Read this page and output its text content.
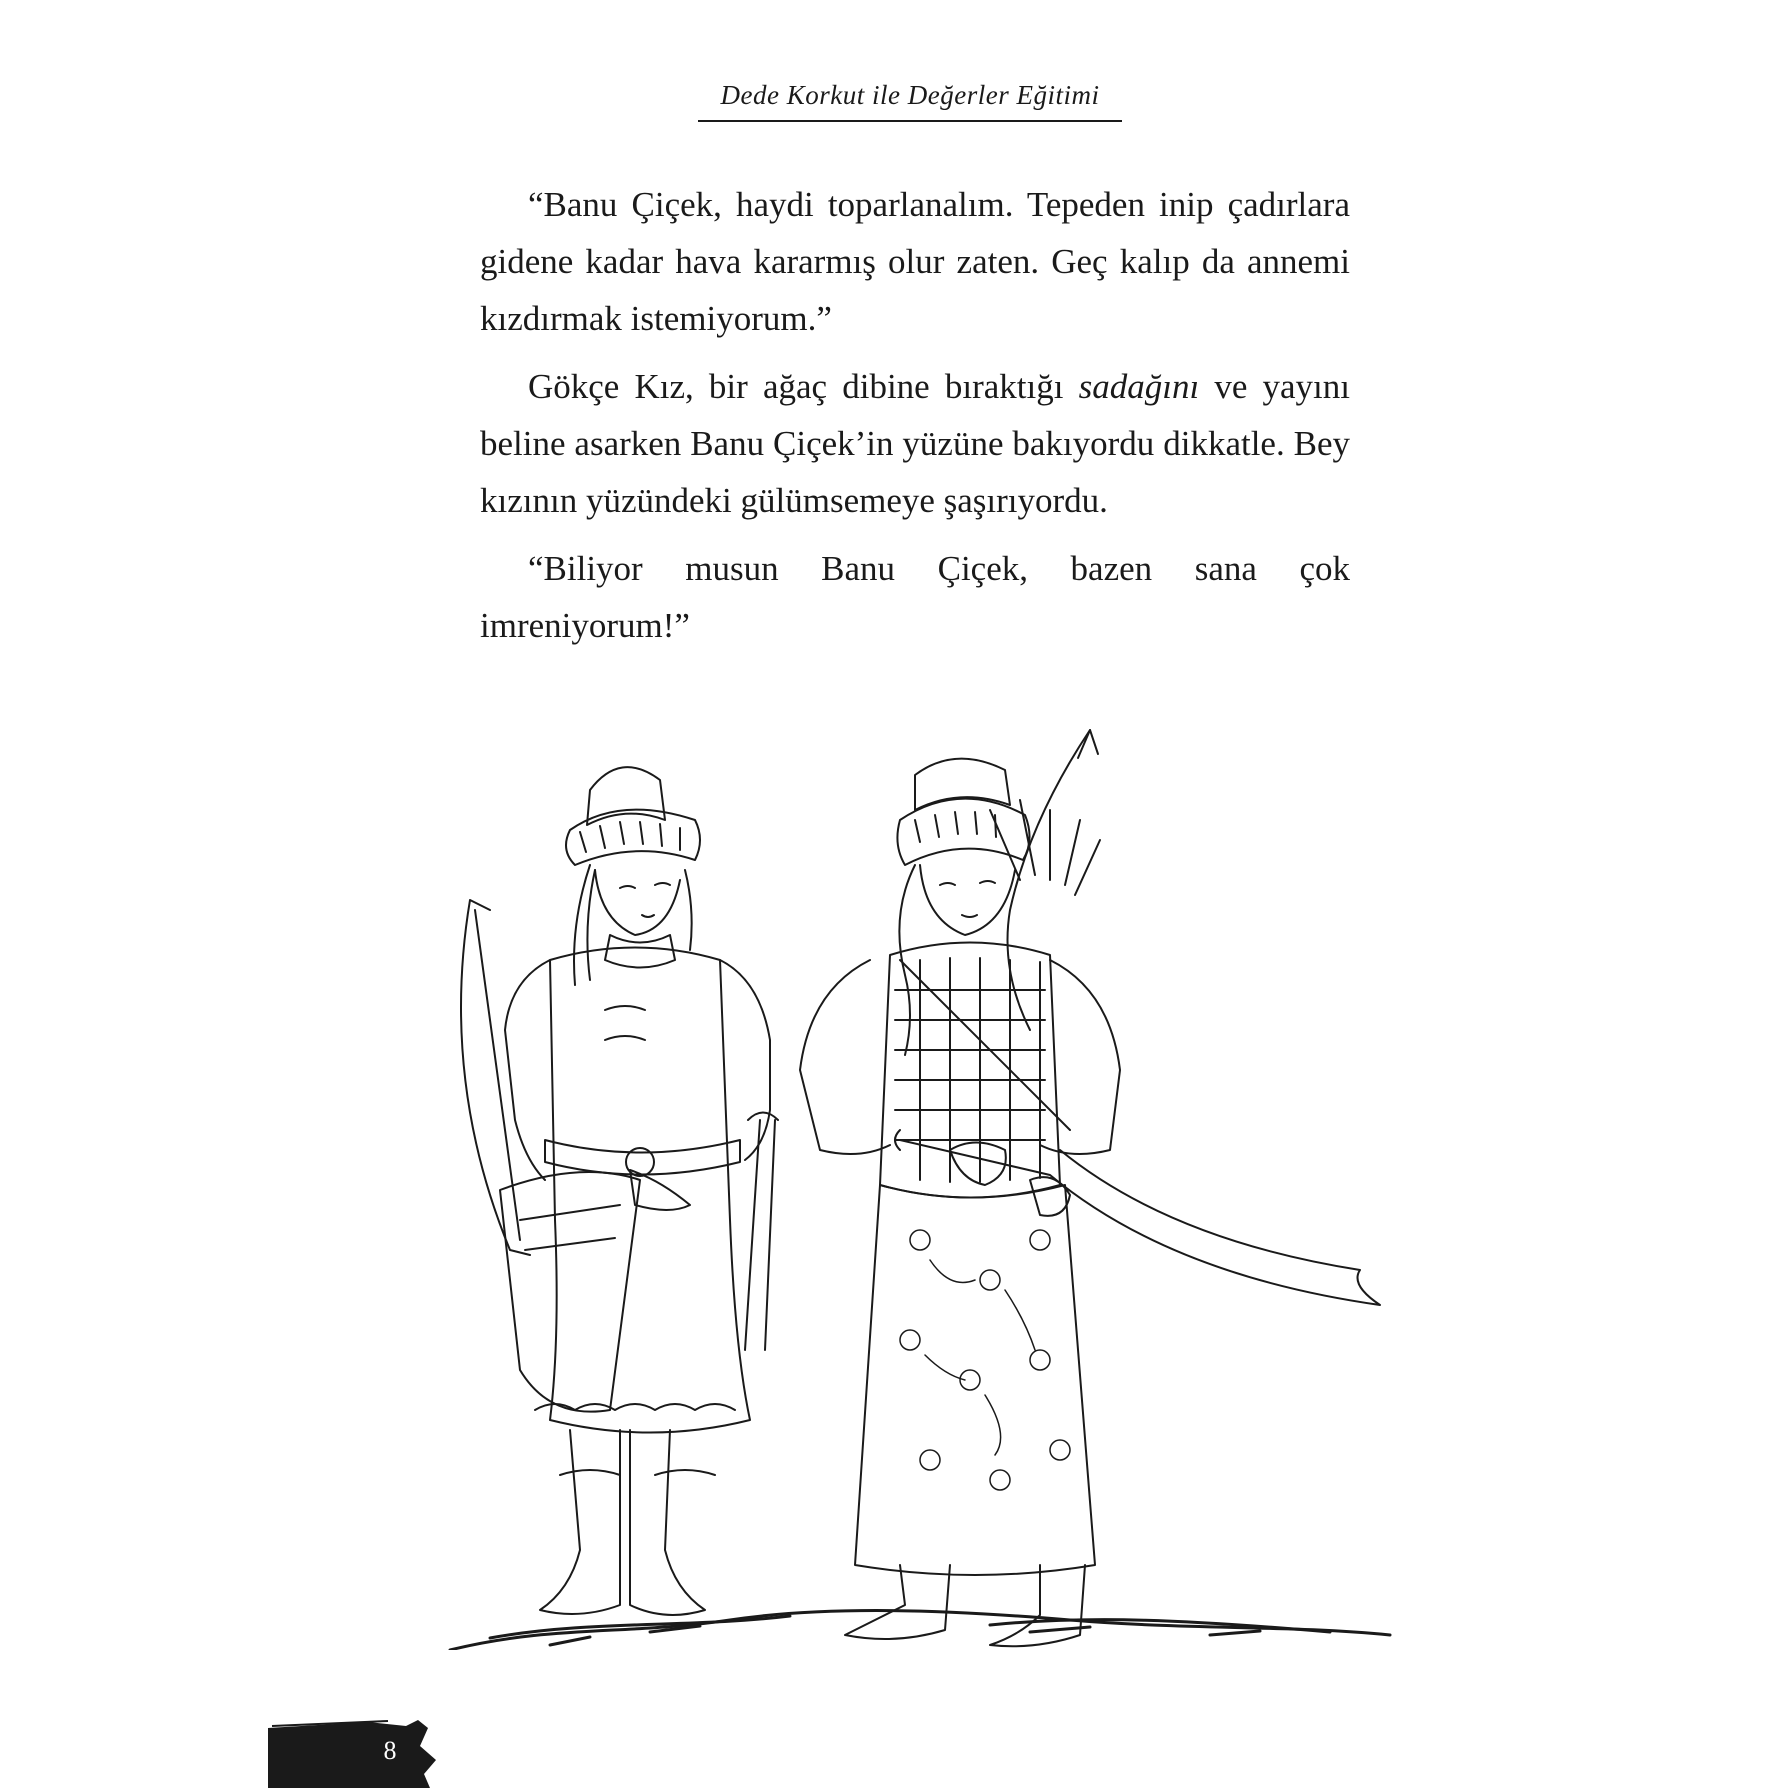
Dede Korkut ile Değerler Eğitimi

“Banu Çiçek, haydi toparlanalım. Tepeden inip çadırlara gidene kadar hava kararmış olur zaten. Geç kalıp da annemi kızdırmak istemiyorum.”

Gökçe Kız, bir ağaç dibine bıraktığı sadağını ve yayını beline asarken Banu Çiçek’in yüzüne bakıyordu dikkatle. Bey kızının yüzündeki gülümsemeye şaşırıyordu.

“Biliyor musun Banu Çiçek, bazen sana çok imreniyorum!”

8
